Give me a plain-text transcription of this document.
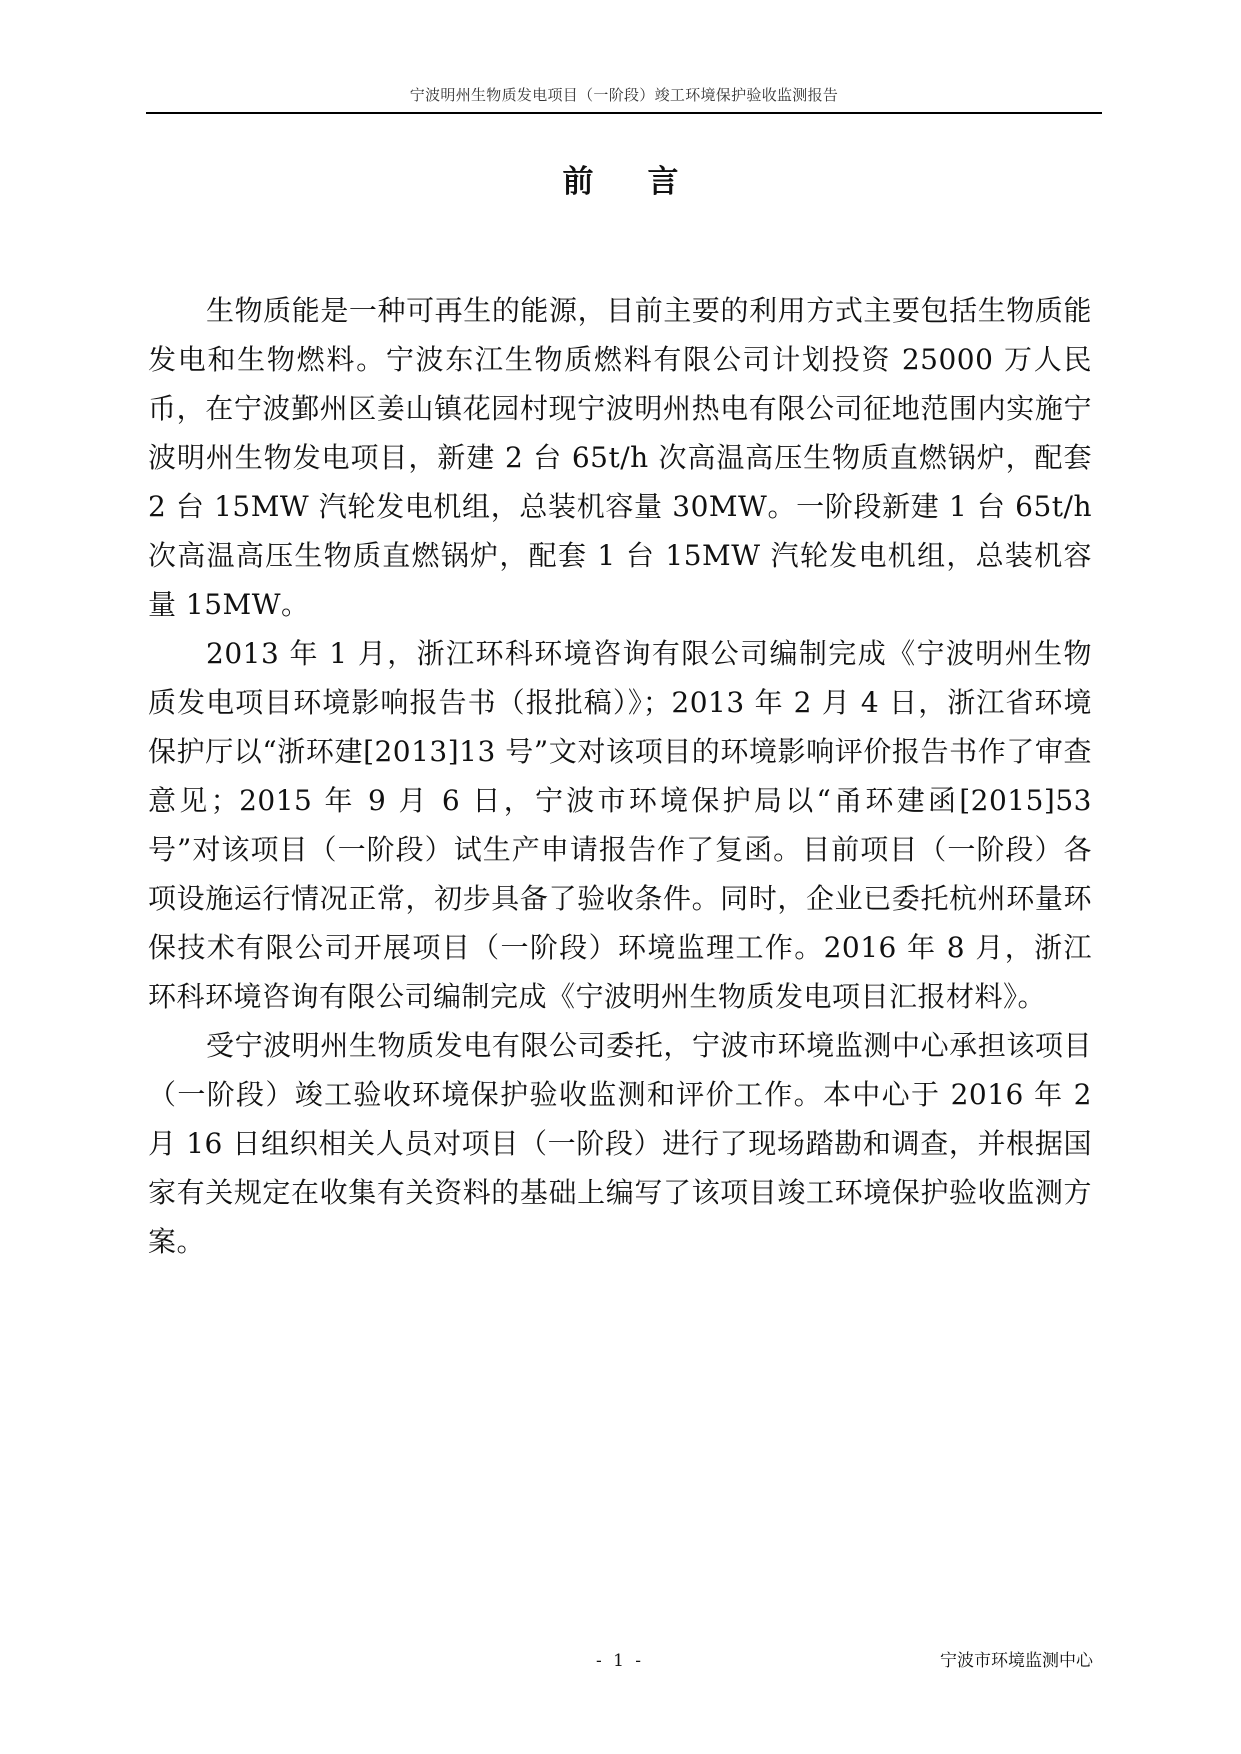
宁波明州生物质发电项目（一阶段）竣工环境保护验收监测报告
前言

生物质能是一种可再生的能源，目前主要的利用方式主要包括生物质能发电和生物燃料。宁波东江生物质燃料有限公司计划投资 25000 万人民币，在宁波鄞州区姜山镇花园村现宁波明州热电有限公司征地范围内实施宁波明州生物发电项目，新建 2 台 65t/h 次高温高压生物质直燃锅炉，配套 2 台 15MW 汽轮发电机组，总装机容量 30MW。一阶段新建 1 台 65t/h 次高温高压生物质直燃锅炉，配套 1 台 15MW 汽轮发电机组，总装机容量 15MW。

2013 年 1 月，浙江环科环境咨询有限公司编制完成《宁波明州生物质发电项目环境影响报告书（报批稿）》；2013 年 2 月 4 日，浙江省环境保护厅以“浙环建[2013]13 号”文对该项目的环境影响评价报告书作了审查意见；2015 年 9 月 6 日，宁波市环境保护局以“甬环建函[2015]53 号”对该项目（一阶段）试生产申请报告作了复函。目前项目（一阶段）各项设施运行情况正常，初步具备了验收条件。同时，企业已委托杭州环量环保技术有限公司开展项目（一阶段）环境监理工作。2016 年 8 月，浙江环科环境咨询有限公司编制完成《宁波明州生物质发电项目汇报材料》。

受宁波明州生物质发电有限公司委托，宁波市环境监测中心承担该项目（一阶段）竣工验收环境保护验收监测和评价工作。本中心于 2016 年 2 月 16 日组织相关人员对项目（一阶段）进行了现场踏勘和调查，并根据国家有关规定在收集有关资料的基础上编写了该项目竣工环境保护验收监测方案。

- 1 -	宁波市环境监测中心
